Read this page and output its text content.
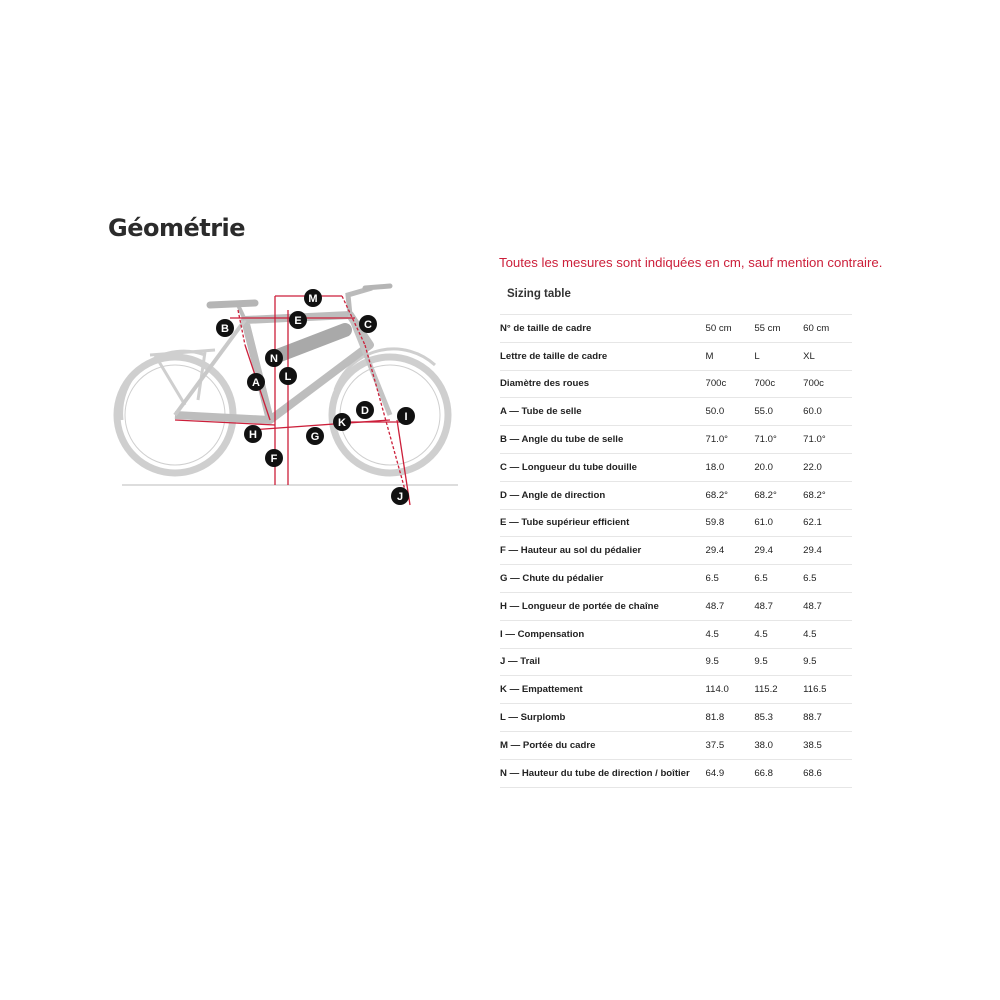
Géométrie
A
B	C
D
E
F
G
H
I
J
K
L
M
N
Toutes les mesures sont indiquées en cm, sauf mention contraire.
Sizing table
N° de taille de cadre	50 cm	55 cm	60 cm
Lettre de taille de cadre	M	L	XL
Diamètre des roues	700c	700c	700c
A — Tube de selle	50.0	55.0	60.0
B — Angle du tube de selle	71.0°	71.0°	71.0°
C — Longueur du tube douille	18.0	20.0	22.0
D — Angle de direction	68.2°	68.2°	68.2°
E — Tube supérieur efficient	59.8	61.0	62.1
F — Hauteur au sol du pédalier	29.4	29.4	29.4
G — Chute du pédalier	6.5	6.5	6.5
H — Longueur de portée de chaîne	48.7	48.7	48.7
I — Compensation	4.5	4.5	4.5
J — Trail	9.5	9.5	9.5
K — Empattement	114.0	115.2	116.5
L — Surplomb	81.8	85.3	88.7
M — Portée du cadre	37.5	38.0	38.5
N — Hauteur du tube de direction / boîtier	64.9	66.8	68.6
